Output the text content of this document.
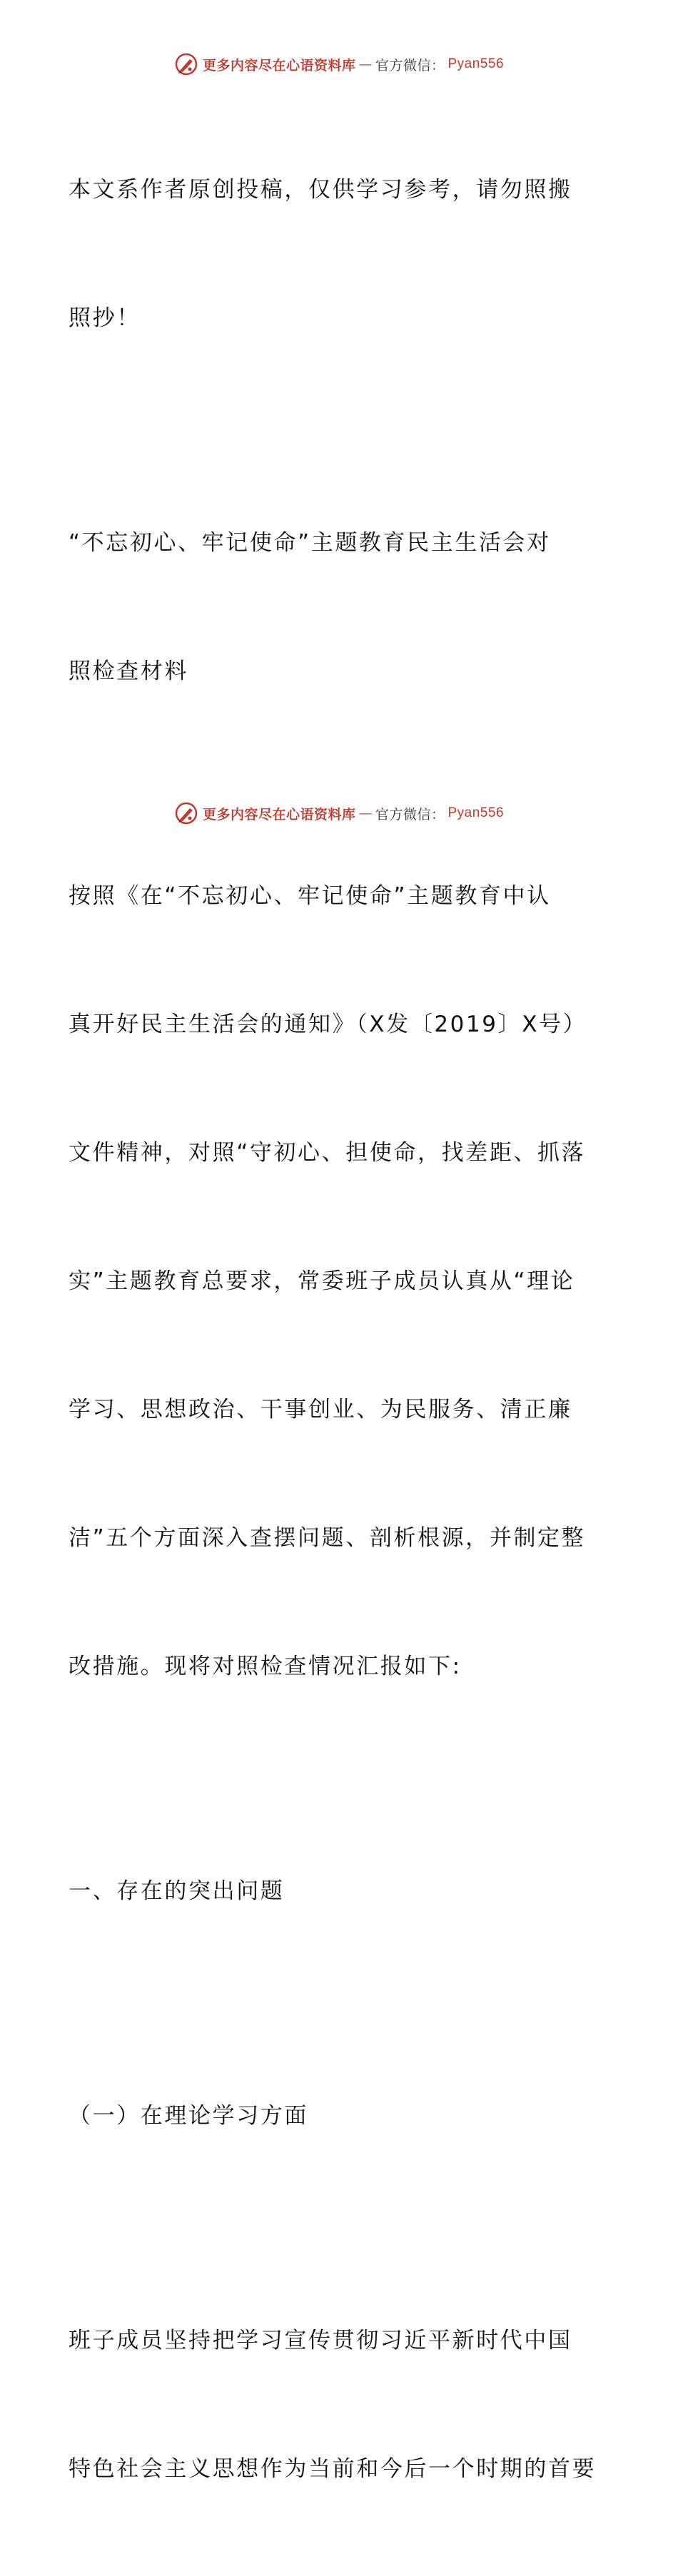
更多内容尽在心语资料库 — 官方微信： Pyan556

本文系作者原创投稿，仅供学习参考，请勿照搬

照抄！

“不忘初心、牢记使命”主题教育民主生活会对

照检查材料

按照《在“不忘初心、牢记使命”主题教育中认

真开好民主生活会的通知》（X发〔2019〕X号）

文件精神，对照“守初心、担使命，找差距、抓落

实”主题教育总要求，常委班子成员认真从“理论

学习、思想政治、干事创业、为民服务、清正廉

洁”五个方面深入查摆问题、剖析根源，并制定整

改措施。现将对照检查情况汇报如下:

一、存在的突出问题

（一）在理论学习方面

班子成员坚持把学习宣传贯彻习近平新时代中国

特色社会主义思想作为当前和今后一个时期的首要

更多内容尽在心语资料库 — 官方微信： Pyan556
